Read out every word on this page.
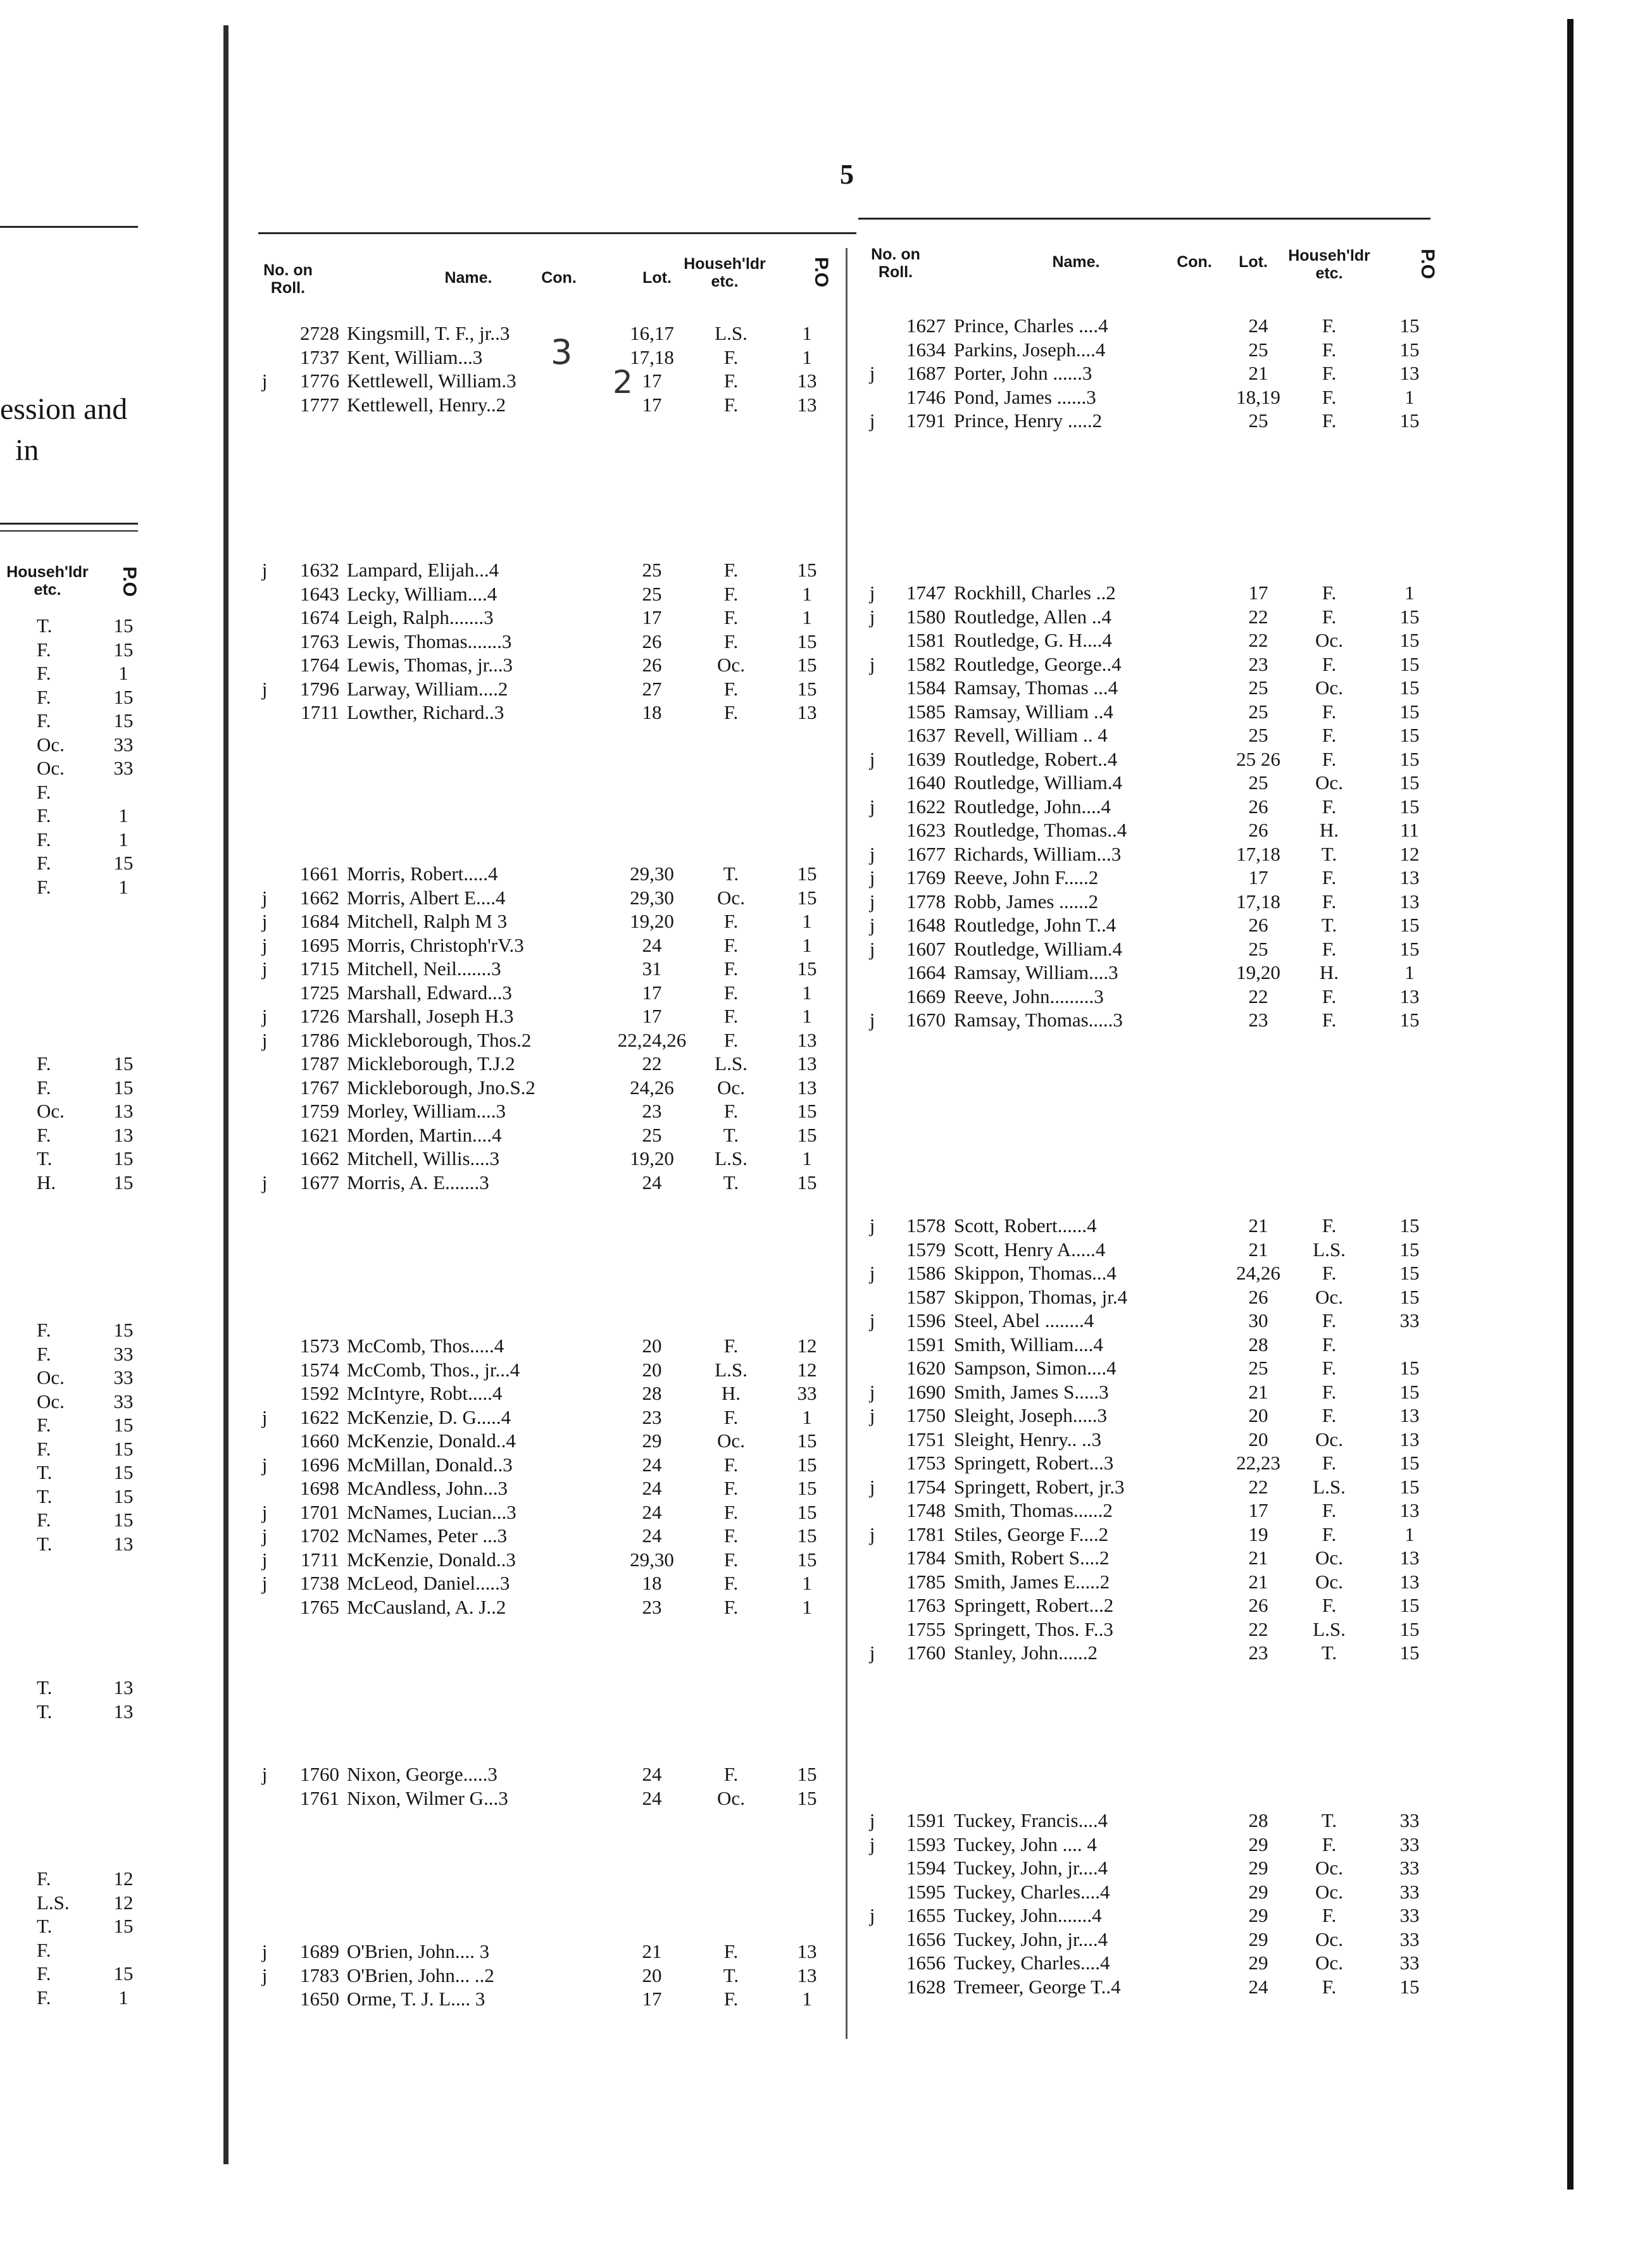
5
ession and
in
Househ'ldr
etc.	P.O
T.	15
F.	15
F.	1
F.	15
F.	15
Oc.	33
Oc.	33
F.
F.	1
F.	1
F.	15
F.	1
F.	15
F.	15
Oc.	13
F.	13
T.	15
H.	15
F.	15
F.	33
Oc.	33
Oc.	33
F.	15
F.	15
T.	15
T.	15
F.	15
T.	13
T.	13
T.	13
F.	12
L.S.	12
T.	15
F.
F.	15
F.	1
No. on
Roll.
Name.	Con.	Lot.
Househ'ldr
etc.	P.O
2728 Kingsmill, T. F., jr..3	16,17	L.S.	1
1737 Kent, William...3	17,18	F.	1
j	1776 Kettlewell, William.3	17	F.	13
1777 Kettlewell, Henry..2	17	F.	13
j	1632 Lampard, Elijah...4	25	F.	15
1643 Lecky, William....4	25	F.	1
1674 Leigh, Ralph.......3	17	F.	1
1763 Lewis, Thomas.......3	26	F.	15
1764 Lewis, Thomas, jr...3	26	Oc.	15
j	1796 Larway, William....2	27	F.	15
1711 Lowther, Richard..3	18	F.	13
1661 Morris, Robert.....4	29,30	T.	15
j	1662 Morris, Albert E....4	29,30	Oc.	15
j	1684 Mitchell, Ralph M 3	19,20	F.	1
j	1695 Morris, Christoph'rV.3	24	F.	1
j	1715 Mitchell, Neil.......3	31	F.	15
1725 Marshall, Edward...3	17	F.	1
j	1726 Marshall, Joseph H.3	17	F.	1
j	1786 Mickleborough, Thos.2	22,24,26	F.	13
1787 Mickleborough, T.J.2	22	L.S.	13
1767 Mickleborough, Jno.S.2	24,26	Oc.	13
1759 Morley, William....3	23	F.	15
1621 Morden, Martin....4	25	T.	15
1662 Mitchell, Willis....3	19,20	L.S.	1
j	1677 Morris, A. E.......3	24	T.	15
1573 McComb, Thos.....4	20	F.	12
1574 McComb, Thos., jr...4	20	L.S.	12
1592 McIntyre, Robt.....4	28	H.	33
j	1622 McKenzie, D. G.....4	23	F.	1
1660 McKenzie, Donald..4	29	Oc.	15
j	1696 McMillan, Donald..3	24	F.	15
1698 McAndless, John...3	24	F.	15
j	1701 McNames, Lucian...3	24	F.	15
j	1702 McNames, Peter ...3	24	F.	15
j	1711 McKenzie, Donald..3	29,30	F.	15
j	1738 McLeod, Daniel.....3	18	F.	1
1765 McCausland, A. J..2	23	F.	1
j	1760 Nixon, George.....3	24	F.	15
1761 Nixon, Wilmer G...3	24	Oc.	15
j	1689 O'Brien, John.... 3	21	F.	13
j	1783 O'Brien, John... ..2	20	T.	13
1650 Orme, T. J. L.... 3	17	F.	1
No. on
Roll.
Name.	Con.	Lot.	Househ'ldr
etc.	P.O
1627 Prince, Charles ....4	24	F.	15
1634 Parkins, Joseph....4	25	F.	15
j	1687 Porter, John ......3	21	F.	13
1746 Pond, James ......3	18,19	F.	1
j	1791 Prince, Henry .....2	25	F.	15
j	1747 Rockhill, Charles ..2	17	F.	1
j	1580 Routledge, Allen ..4	22	F.	15
1581 Routledge, G. H....4	22	Oc.	15
j	1582 Routledge, George..4	23	F.	15
1584 Ramsay, Thomas ...4	25	Oc.	15
1585 Ramsay, William ..4	25	F.	15
1637 Revell, William .. 4	25	F.	15
j	1639 Routledge, Robert..4	25 26	F.	15
1640 Routledge, William.4	25	Oc.	15
j	1622 Routledge, John....4	26	F.	15
1623 Routledge, Thomas..4	26	H.	11
j	1677 Richards, William...3	17,18	T.	12
j	1769 Reeve, John F.....2	17	F.	13
j	1778 Robb, James ......2	17,18	F.	13
j	1648 Routledge, John T..4	26	T.	15
j	1607 Routledge, William.4	25	F.	15
1664 Ramsay, William....3	19,20	H.	1
1669 Reeve, John.........3	22	F.	13
j	1670 Ramsay, Thomas.....3	23	F.	15
j	1578 Scott, Robert......4	21	F.	15
1579 Scott, Henry A.....4	21	L.S.	15
j	1586 Skippon, Thomas...4	24,26	F.	15
1587 Skippon, Thomas, jr.4	26	Oc.	15
j	1596 Steel, Abel ........4	30	F.	33
1591 Smith, William....4	28	F.
1620 Sampson, Simon....4	25	F.	15
j	1690 Smith, James S.....3	21	F.	15
j	1750 Sleight, Joseph.....3	20	F.	13
1751 Sleight, Henry.. ..3	20	Oc.	13
1753 Springett, Robert...3	22,23	F.	15
j	1754 Springett, Robert, jr.3	22	L.S.	15
1748 Smith, Thomas......2	17	F.	13
j	1781 Stiles, George F....2	19	F.	1
1784 Smith, Robert S....2	21	Oc.	13
1785 Smith, James E.....2	21	Oc.	13
1763 Springett, Robert...2	26	F.	15
1755 Springett, Thos. F..3	22	L.S.	15
j	1760 Stanley, John......2	23	T.	15
j	1591 Tuckey, Francis....4	28	T.	33
j	1593 Tuckey, John .... 4	29	F.	33
1594 Tuckey, John, jr....4	29	Oc.	33
1595 Tuckey, Charles....4	29	Oc.	33
j	1655 Tuckey, John.......4	29	F.	33
1656 Tuckey, John, jr....4	29	Oc.	33
1656 Tuckey, Charles....4	29	Oc.	33
1628 Tremeer, George T..4	24	F.	15
3
2
